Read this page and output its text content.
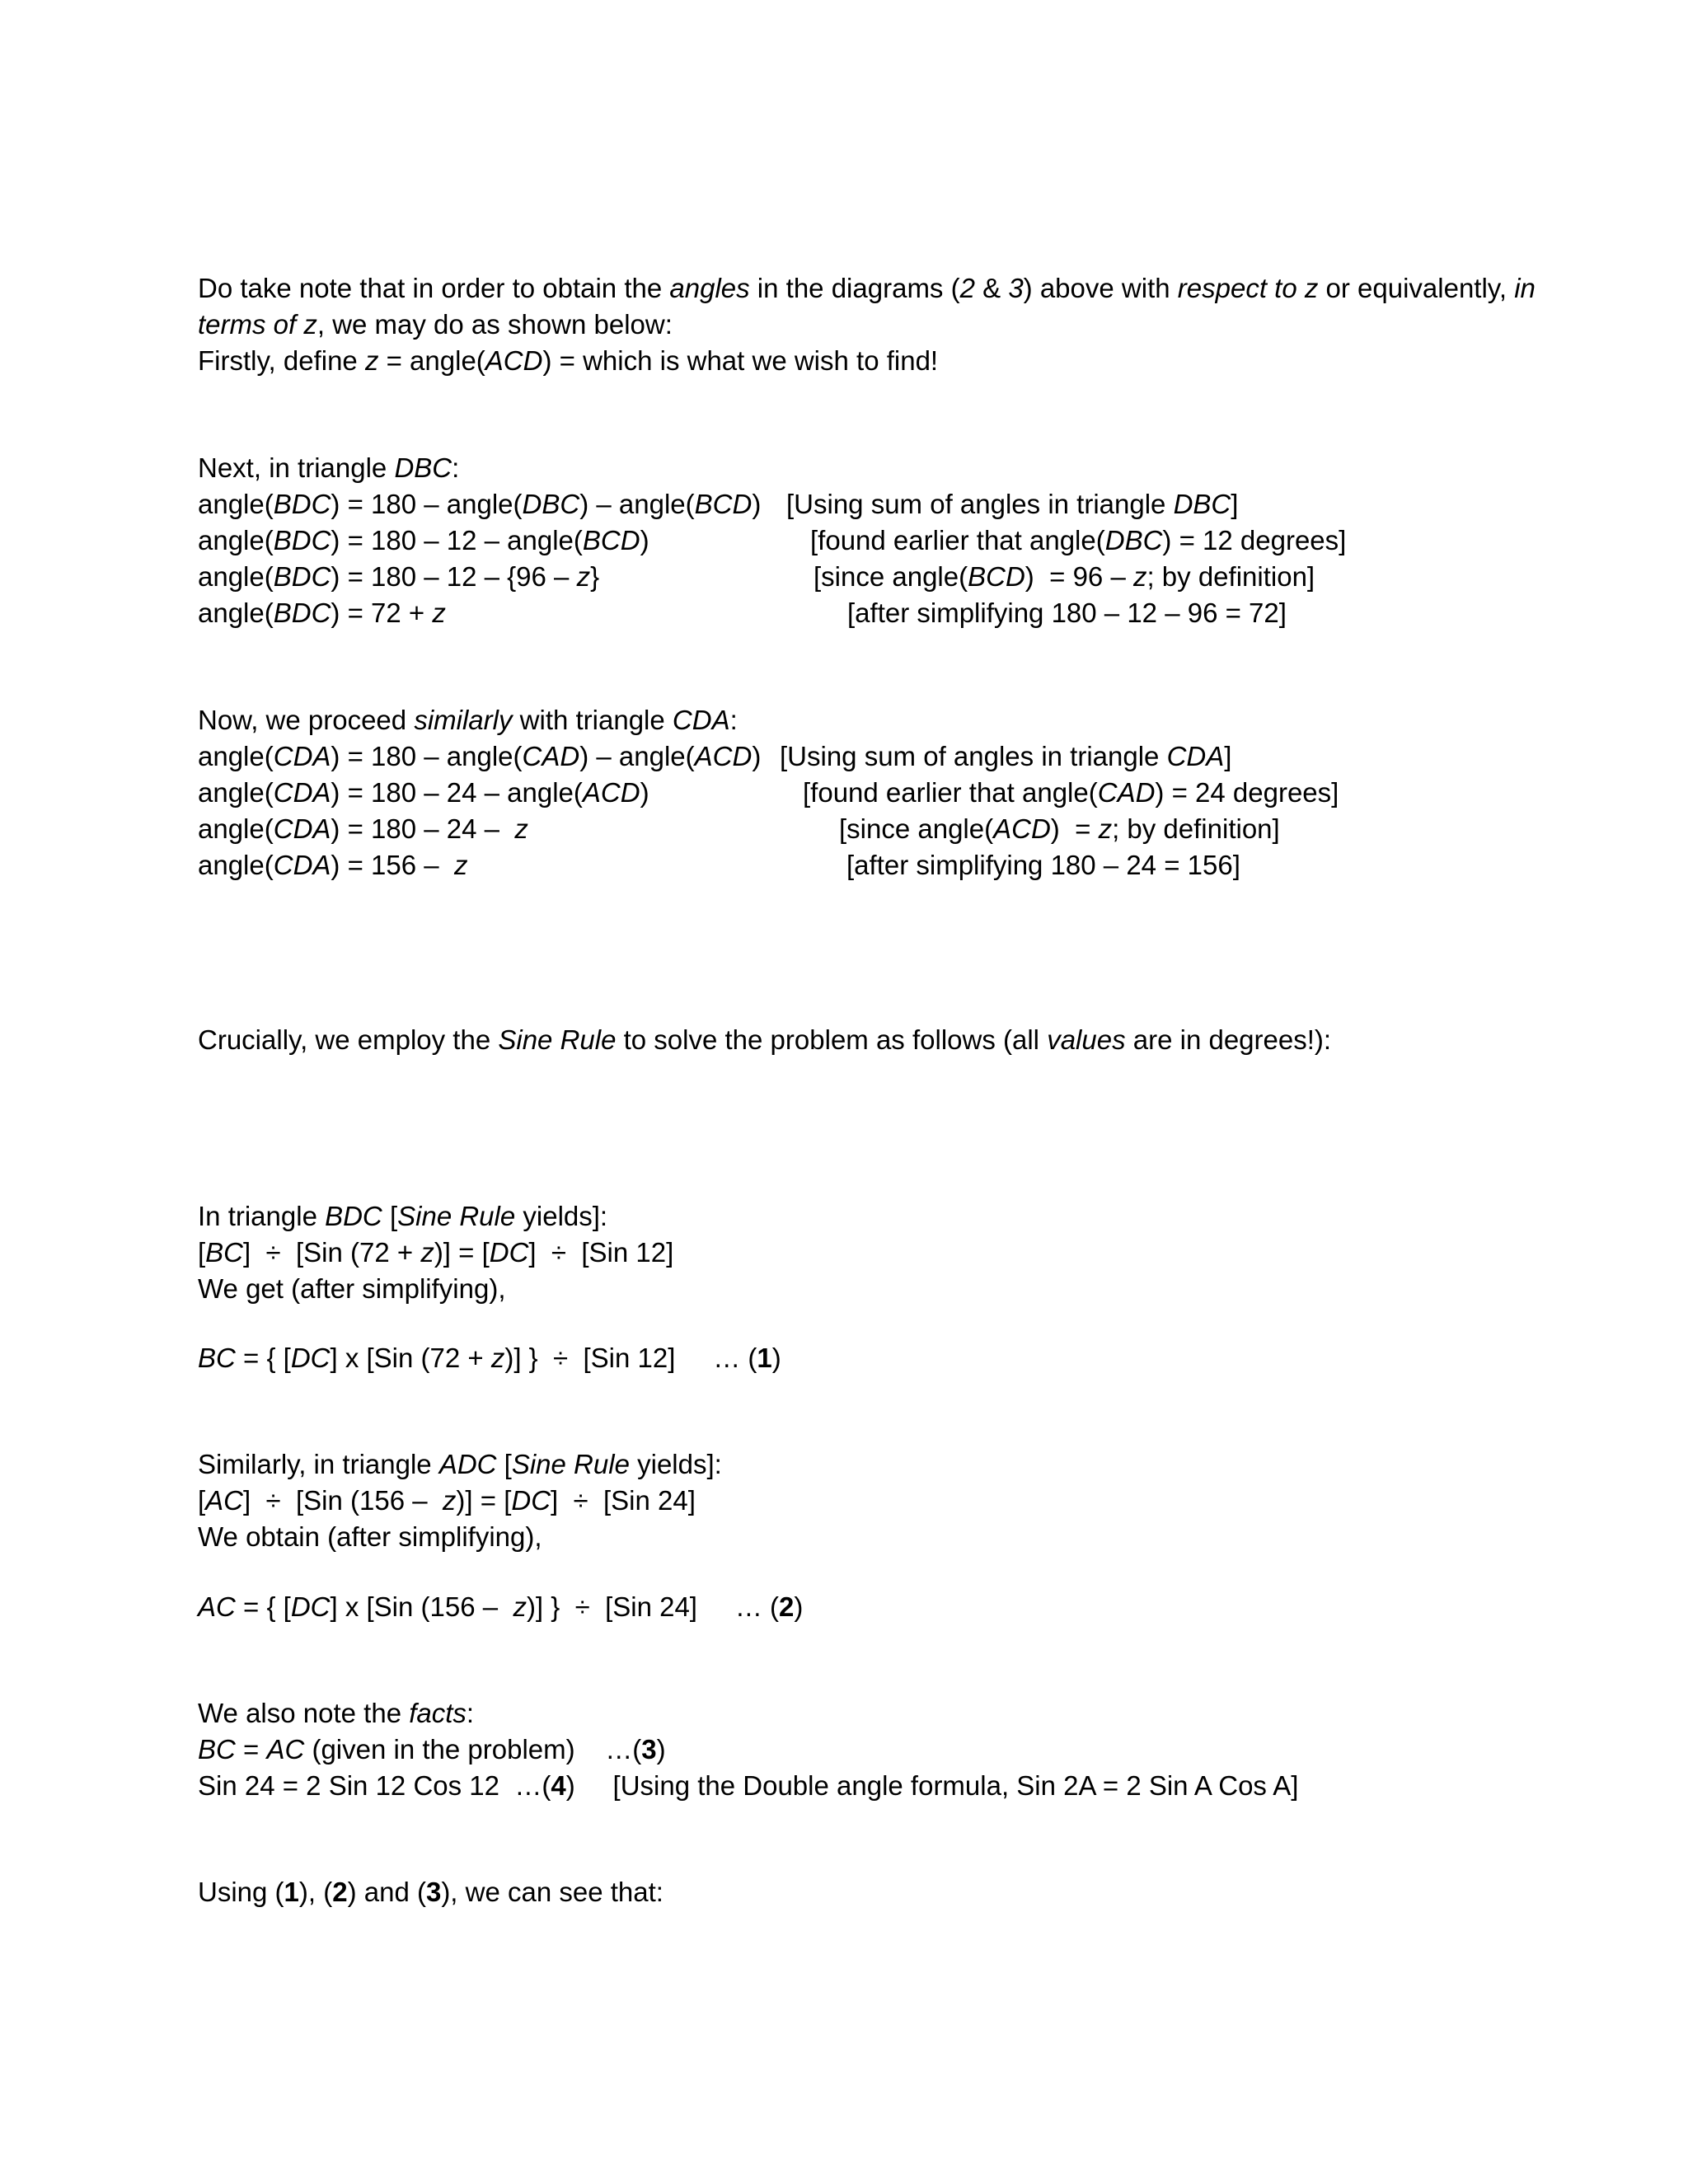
Do take note that in order to obtain the angles in the diagrams (2 & 3) above with respect to z or equivalently, in
terms of z, we may do as shown below:
Firstly, define z = angle(ACD) = which is what we wish to find!
Next, in triangle DBC:
angle(BDC) = 180 – angle(DBC) – angle(BCD) [Using sum of angles in triangle DBC]
angle(BDC) = 180 – 12 – angle(BCD)	[found earlier that angle(DBC) = 12 degrees]
angle(BDC) = 180 – 12 – {96 – z}	[since angle(BCD)  = 96 – z; by definition]
angle(BDC) = 72 + z	[after simplifying 180 – 12 – 96 = 72]
Now, we proceed similarly with triangle CDA:
angle(CDA) = 180 – angle(CAD) – angle(ACD) [Using sum of angles in triangle CDA]
angle(CDA) = 180 – 24 – angle(ACD)	[found earlier that angle(CAD) = 24 degrees]
angle(CDA) = 180 – 24 –  z	[since angle(ACD)  = z; by definition]
angle(CDA) = 156 –  z	[after simplifying 180 – 24 = 156]
Crucially, we employ the Sine Rule to solve the problem as follows (all values are in degrees!):
In triangle BDC [Sine Rule yields]:
[BC]  ÷  [Sin (72 + z)] = [DC]  ÷  [Sin 12]
We get (after simplifying),
BC = { [DC] x [Sin (72 + z)] }  ÷  [Sin 12]     … (1)
Similarly, in triangle ADC [Sine Rule yields]:
[AC]  ÷  [Sin (156 –  z)] = [DC]  ÷  [Sin 24]
We obtain (after simplifying),
AC = { [DC] x [Sin (156 –  z)] }  ÷  [Sin 24]     … (2)
We also note the facts:
BC = AC (given in the problem)    …(3)
Sin 24 = 2 Sin 12 Cos 12  …(4)     [Using the Double angle formula, Sin 2A = 2 Sin A Cos A]
Using (1), (2) and (3), we can see that:
